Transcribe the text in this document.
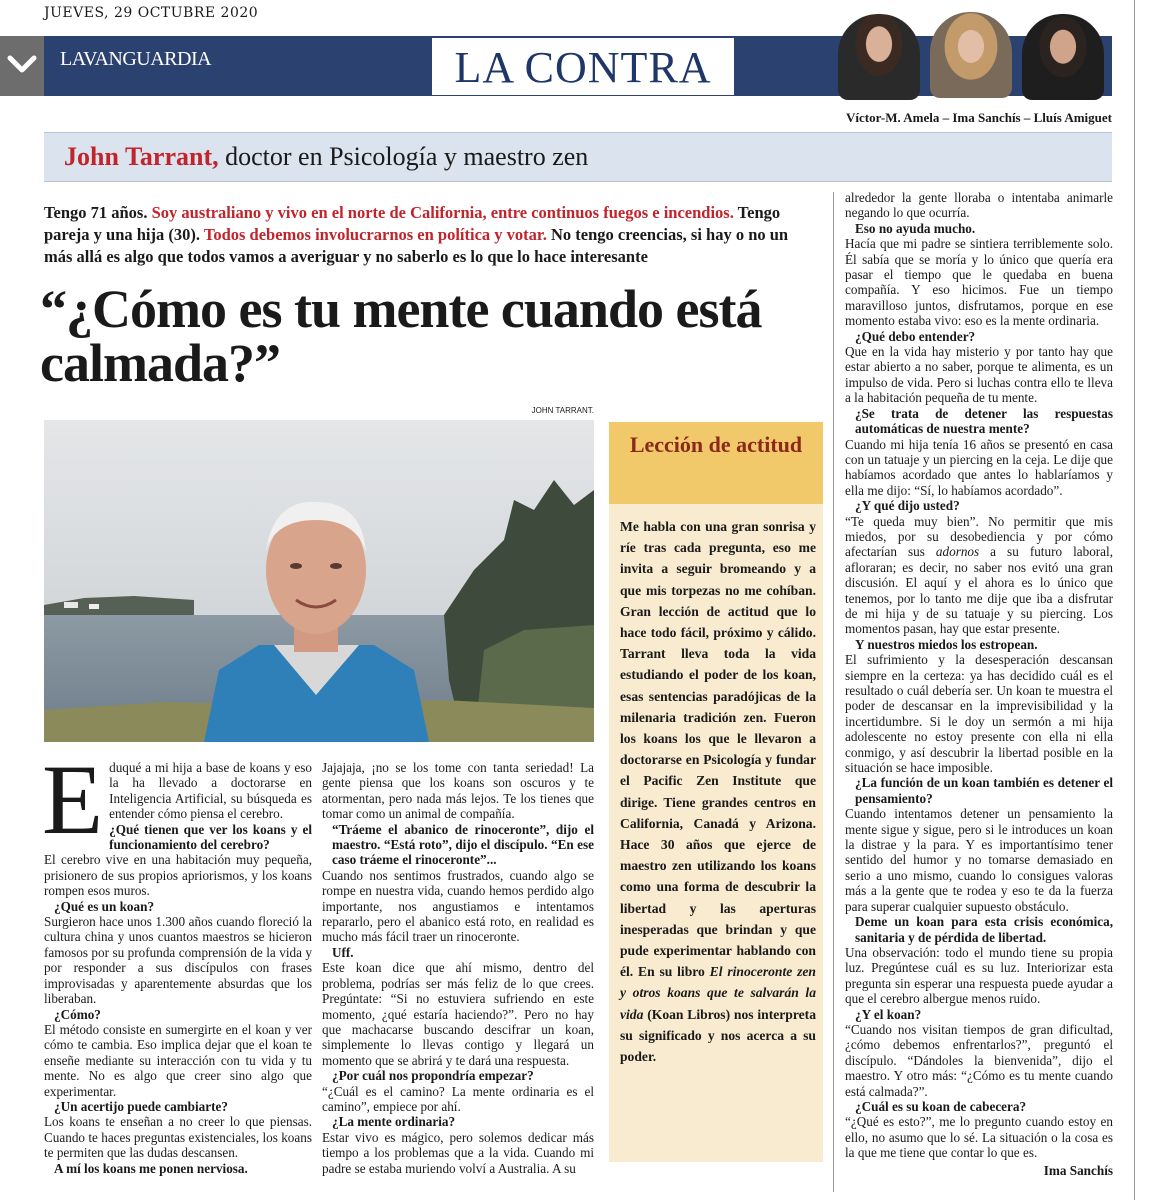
JUEVES, 29 OCTUBRE 2020
LAVANGUARDIA	LA CONTRA
Víctor-M. Amela – Ima Sanchís – Lluís Amiguet
John Tarrant, doctor en Psicología y maestro zen
Tengo 71 años. Soy australiano y vivo en el norte de California, entre continuos fuegos e incendios. Tengo pareja y una hija (30). Todos debemos involucrarnos en política y votar. No tengo creencias, si hay o no un más allá es algo que todos vamos a averiguar y no saberlo es lo que lo hace interesante
“¿Cómo es tu mente cuando está calmada?”
JOHN TARRANT.
E duqué a mi hija a base de koans y eso la ha llevado a doctorarse en Inteligencia Artificial, su búsqueda es entender cómo piensa el cerebro.
¿Qué tienen que ver los koans y el funcionamiento del cerebro?
El cerebro vive en una habitación muy pequeña, prisionero de sus propios apriorismos, y los koans rompen esos muros.
¿Qué es un koan?
Surgieron hace unos 1.300 años cuando floreció la cultura china y unos cuantos maestros se hicieron famosos por su profunda comprensión de la vida y por responder a sus discípulos con frases improvisadas y aparentemente absurdas que los liberaban.
¿Cómo?
El método consiste en sumergirte en el koan y ver cómo te cambia. Eso implica dejar que el koan te enseñe mediante su interacción con tu vida y tu mente. No es algo que creer sino algo que experimentar.
¿Un acertijo puede cambiarte?
Los koans te enseñan a no creer lo que piensas. Cuando te haces preguntas existenciales, los koans te permiten que las dudas descansen.
A mí los koans me ponen nerviosa.
Jajajaja, ¡no se los tome con tanta seriedad! La gente piensa que los koans son oscuros y te atormentan, pero nada más lejos. Te los tienes que tomar como un animal de compañía.
“Tráeme el abanico de rinoceronte”, dijo el maestro. “Está roto”, dijo el discípulo. “En ese caso tráeme el rinoceronte”...
Cuando nos sentimos frustrados, cuando algo se rompe en nuestra vida, cuando hemos perdido algo importante, nos angustiamos e intentamos repararlo, pero el abanico está roto, en realidad es mucho más fácil traer un rinoceronte.
Uff.
Este koan dice que ahí mismo, dentro del problema, podrías ser más feliz de lo que crees. Pregúntate: “Si no estuviera sufriendo en este momento, ¿qué estaría haciendo?”. Pero no hay que machacarse buscando descifrar un koan, simplemente lo llevas contigo y llegará un momento que se abrirá y te dará una respuesta.
¿Por cuál nos propondría empezar?
“¿Cuál es el camino? La mente ordinaria es el camino”, empiece por ahí.
¿La mente ordinaria?
Estar vivo es mágico, pero solemos dedicar más tiempo a los problemas que a la vida. Cuando mi padre se estaba muriendo volví a Australia. A su
Lección de actitud
Me habla con una gran sonrisa y ríe tras cada pregunta, eso me invita a seguir bromeando y a que mis torpezas no me cohíban. Gran lección de actitud que lo hace todo fácil, próximo y cálido. Tarrant lleva toda la vida estudiando el poder de los koan, esas sentencias paradójicas de la milenaria tradición zen. Fueron los koans los que le llevaron a doctorarse en Psicología y fundar el Pacific Zen Institute que dirige. Tiene grandes centros en California, Canadá y Arizona. Hace 30 años que ejerce de maestro zen utilizando los koans como una forma de descubrir la libertad y las aperturas inesperadas que brindan y que pude experimentar hablando con él. En su libro El rinoceronte zen y otros koans que te salvarán la vida (Koan Libros) nos interpreta su significado y nos acerca a su poder.
alrededor la gente lloraba o intentaba animarle negando lo que ocurría.
Eso no ayuda mucho.
Hacía que mi padre se sintiera terriblemente solo. Él sabía que se moría y lo único que quería era pasar el tiempo que le quedaba en buena compañía. Y eso hicimos. Fue un tiempo maravilloso juntos, disfrutamos, porque en ese momento estaba vivo: eso es la mente ordinaria.
¿Qué debo entender?
Que en la vida hay misterio y por tanto hay que estar abierto a no saber, porque te alimenta, es un impulso de vida. Pero si luchas contra ello te lleva a la habitación pequeña de tu mente.
¿Se trata de detener las respuestas automáticas de nuestra mente?
Cuando mi hija tenía 16 años se presentó en casa con un tatuaje y un piercing en la ceja. Le dije que habíamos acordado que antes lo hablaríamos y ella me dijo: “Sí, lo habíamos acordado”.
¿Y qué dijo usted?
“Te queda muy bien”. No permitir que mis miedos, por su desobediencia y por cómo afectarían sus adornos a su futuro laboral, afloraran; es decir, no saber nos evitó una gran discusión. El aquí y el ahora es lo único que tenemos, por lo tanto me dije que iba a disfrutar de mi hija y de su tatuaje y su piercing. Los momentos pasan, hay que estar presente.
Y nuestros miedos los estropean.
El sufrimiento y la desesperación descansan siempre en la certeza: ya has decidido cuál es el resultado o cuál debería ser. Un koan te muestra el poder de descansar en la imprevisibilidad y la incertidumbre. Si le doy un sermón a mi hija adolescente no estoy presente con ella ni ella conmigo, y así descubrir la libertad posible en la situación se hace imposible.
¿La función de un koan también es detener el pensamiento?
Cuando intentamos detener un pensamiento la mente sigue y sigue, pero si le introduces un koan la distrae y la para. Y es importantísimo tener sentido del humor y no tomarse demasiado en serio a uno mismo, cuando lo consigues valoras más a la gente que te rodea y eso te da la fuerza para superar cualquier supuesto obstáculo.
Deme un koan para esta crisis económica, sanitaria y de pérdida de libertad.
Una observación: todo el mundo tiene su propia luz. Pregúntese cuál es su luz. Interiorizar esta pregunta sin esperar una respuesta puede ayudar a que el cerebro albergue menos ruido.
¿Y el koan?
“Cuando nos visitan tiempos de gran dificultad, ¿cómo debemos enfrentarlos?”, preguntó el discípulo. “Dándoles la bienvenida”, dijo el maestro. Y otro más: “¿Cómo es tu mente cuando está calmada?”.
¿Cuál es su koan de cabecera?
“¿Qué es esto?”, me lo pregunto cuando estoy en ello, no asumo que lo sé. La situación o la cosa es la que me tiene que contar lo que es.
Ima Sanchís
